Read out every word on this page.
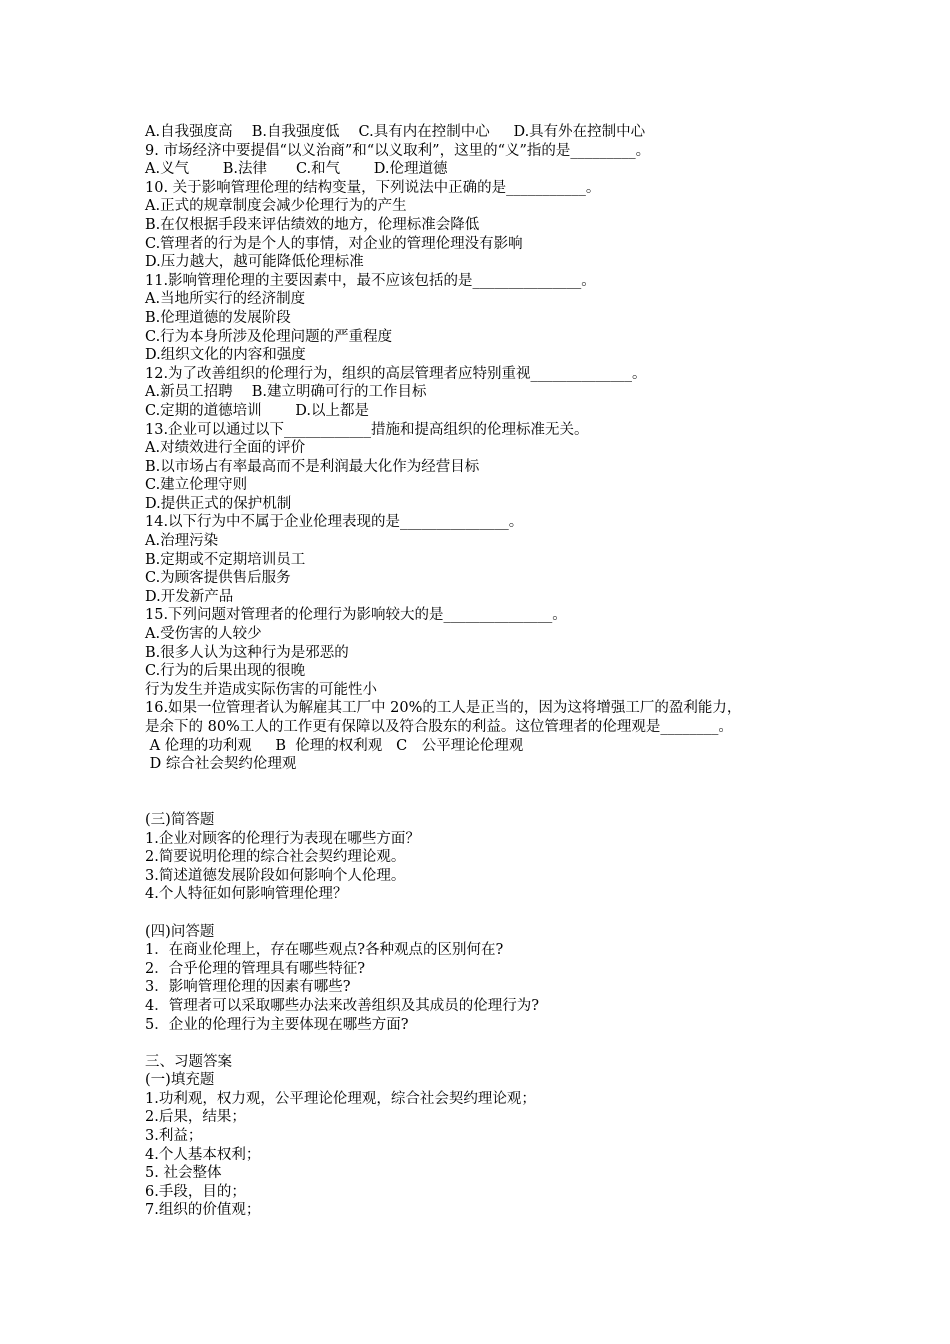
A.自我强度高　 B.自我强度低　 C.具有内在控制中心　  D.具有外在控制中心
9. 市场经济中要提倡“以义治商”和“以义取利”，这里的“义”指的是_________。
A.义气　　 B.法律　　C.和气　　 D.伦理道德
10. 关于影响管理伦理的结构变量，下列说法中正确的是___________。
A.正式的规章制度会减少伦理行为的产生
B.在仅根据手段来评估绩效的地方，伦理标准会降低
C.管理者的行为是个人的事情，对企业的管理伦理没有影响
D.压力越大，越可能降低伦理标准
11.影响管理伦理的主要因素中，最不应该包括的是_______________。
A.当地所实行的经济制度
B.伦理道德的发展阶段
C.行为本身所涉及伦理问题的严重程度
D.组织文化的内容和强度
12.为了改善组织的伦理行为，组织的高层管理者应特别重视______________。
A.新员工招聘　 B.建立明确可行的工作目标
C.定期的道德培训　　 D.以上都是
13.企业可以通过以下____________措施和提高组织的伦理标准无关。
A.对绩效进行全面的评价
B.以市场占有率最高而不是利润最大化作为经营目标
C.建立伦理守则
D.提供正式的保护机制
14.以下行为中不属于企业伦理表现的是_______________。
A.治理污染
B.定期或不定期培训员工
C.为顾客提供售后服务
D.开发新产品
15.下列问题对管理者的伦理行为影响较大的是_______________。
A.受伤害的人较少
B.很多人认为这种行为是邪恶的
C.行为的后果出现的很晚
行为发生并造成实际伤害的可能性小
16.如果一位管理者认为解雇其工厂中 20%的工人是正当的，因为这将增强工厂的盈利能力，
是余下的 80%工人的工作更有保障以及符合股东的利益。这位管理者的伦理观是________。
A 伦理的功利观　  B  伦理的权利观   C　公平理论伦理观
D 综合社会契约伦理观
(三)简答题
1.企业对顾客的伦理行为表现在哪些方面？
2.简要说明伦理的综合社会契约理论观。
3.简述道德发展阶段如何影响个人伦理。
4.个人特征如何影响管理伦理？
(四)问答题
1．在商业伦理上，存在哪些观点?各种观点的区别何在?
2．合乎伦理的管理具有哪些特征?
3．影响管理伦理的因素有哪些?
4．管理者可以采取哪些办法来改善组织及其成员的伦理行为?
5．企业的伦理行为主要体现在哪些方面?
三、习题答案
(一)填充题
1.功利观，权力观，公平理论伦理观，综合社会契约理论观；
2.后果，结果；
3.利益；
4.个人基本权利；
5. 社会整体
6.手段，目的；
7.组织的价值观；
